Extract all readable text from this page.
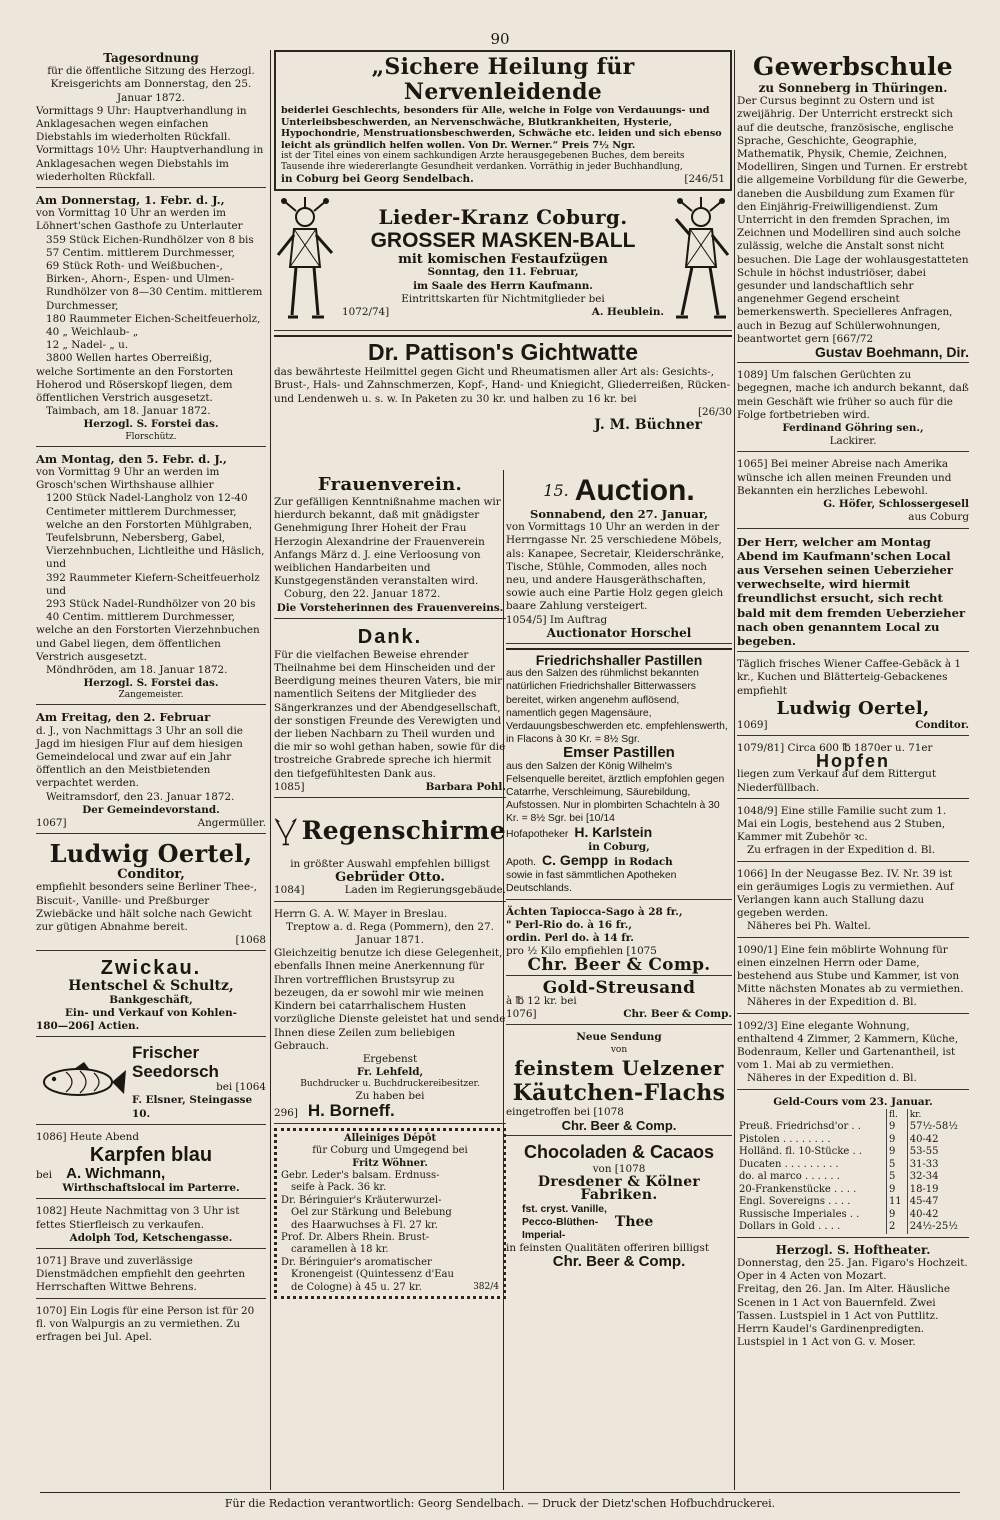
90

Tagesordnung

für die öffentliche Sitzung des Herzogl. Kreisgerichts am Donnerstag, den 25. Januar 1872.

Vormittags 9 Uhr: Hauptverhandlung in Anklagesachen wegen einfachen Diebstahls im wiederholten Rückfall.

Vormittags 10½ Uhr: Hauptverhandlung in Anklagesachen wegen Diebstahls im wiederholten Rückfall.

Am Donnerstag, 1. Febr. d. J.,

von Vormittag 10 Uhr an werden im Löhnert'schen Gasthofe zu Unterlauter

359 Stück Eichen-Rundhölzer von 8 bis 57 Centim. mittlerem Durchmesser,

69 Stück Roth- und Weißbuchen-, Birken-, Ahorn-, Espen- und Ulmen-Rundhölzer von 8—30 Centim. mittlerem Durchmesser,

180 Raummeter Eichen-Scheitfeuerholz,

40 „ Weichlaub- „

12 „ Nadel- „ u.

3800 Wellen hartes Oberreißig,

welche Sortimente an den Forstorten Hoherod und Röserskopf liegen, dem öffentlichen Verstrich ausgesetzt.

Taimbach, am 18. Januar 1872.

Herzogl. S. Forstei das.

Florschütz.

Am Montag, den 5. Febr. d. J.,

von Vormittag 9 Uhr an werden im Grosch'schen Wirthshause allhier

1200 Stück Nadel-Langholz von 12-40 Centimeter mittlerem Durchmesser,

welche an den Forstorten Mühlgraben, Teufelsbrunn, Nebersberg, Gabel, Vierzehnbuchen, Lichtleithe und Häslich, und

392 Raummeter Kiefern-Scheitfeuerholz und

293 Stück Nadel-Rundhölzer von 20 bis 40 Centim. mittlerem Durchmesser,

welche an den Forstorten Vierzehnbuchen und Gabel liegen, dem öffentlichen Verstrich ausgesetzt.

Möndhröden, am 18. Januar 1872.

Herzogl. S. Forstei das.

Zangemeister.

Am Freitag, den 2. Februar

d. J., von Nachmittags 3 Uhr an soll die Jagd im hiesigen Flur auf dem hiesigen Gemeindelocal und zwar auf ein Jahr öffentlich an den Meistbietenden verpachtet werden.

Weitramsdorf, den 23. Januar 1872.

Der Gemeindevorstand.

1067]	Angermüller.

Ludwig Oertel,

Conditor,

empfiehlt besonders seine Berliner Thee-, Biscuit-, Vanille- und Preßburger Zwiebäcke und hält solche nach Gewicht zur gütigen Abnahme bereit.

[1068

Zwickau.

Hentschel & Schultz,

Bankgeschäft,

Ein- und Verkauf von Kohlen-

180—206] Actien.

Frischer

Seedorsch

bei [1064

F. Elsner, Steingasse 10.

1086] Heute Abend

Karpfen blau

bei A. Wichmann,

Wirthschaftslocal im Parterre.

1082] Heute Nachmittag von 3 Uhr ist fettes Stierfleisch zu verkaufen.

Adolph Tod, Ketschengasse.

1071] Brave und zuverlässige Dienstmädchen empfiehlt den geehrten Herrschaften Wittwe Behrens.

1070] Ein Logis für eine Person ist für 20 fl. von Walpurgis an zu vermiethen. Zu erfragen bei Jul. Apel.

„Sichere Heilung für Nervenleidende

beiderlei Geschlechts, besonders für Alle, welche in Folge von Verdauungs- und Unterleibsbeschwerden, an Nervenschwäche, Blutkrankheiten, Hysterie, Hypochondrie, Menstruationsbeschwerden, Schwäche etc. leiden und sich ebenso leicht als gründlich helfen wollen. Von Dr. Werner.“ Preis 7½ Ngr.

ist der Titel eines von einem sachkundigen Arzte herausgegebenen Buches, dem bereits Tausende ihre wiedererlangte Gesundheit verdanken. Vorräthig in jeder Buchhandlung,

in Coburg bei Georg Sendelbach.	[246/51

Lieder-Kranz Coburg.

GROSSER MASKEN-BALL

mit komischen Festaufzügen

Sonntag, den 11. Februar,

im Saale des Herrn Kaufmann.

Eintrittskarten für Nichtmitglieder bei

1072/74]	A. Heublein.

Dr. Pattison's Gichtwatte

das bewährteste Heilmittel gegen Gicht und Rheumatismen aller Art als: Gesichts-, Brust-, Hals- und Zahnschmerzen, Kopf-, Hand- und Kniegicht, Gliederreißen, Rücken- und Lendenweh u. s. w. In Paketen zu 30 kr. und halben zu 16 kr. bei

[26/30

J. M. Büchner

Frauenverein.

Zur gefälligen Kenntnißnahme machen wir hierdurch bekannt, daß mit gnädigster Genehmigung Ihrer Hoheit der Frau Herzogin Alexandrine der Frauenverein Anfangs März d. J. eine Verloosung von weiblichen Handarbeiten und Kunstgegenständen veranstalten wird.

Coburg, den 22. Januar 1872.

Die Vorsteherinnen des Frauenvereins.

Dank.

Für die vielfachen Beweise ehrender Theilnahme bei dem Hinscheiden und der Beerdigung meines theuren Vaters, bie mir namentlich Seitens der Mitglieder des Sängerkranzes und der Abendgesellschaft, der sonstigen Freunde des Verewigten und der lieben Nachbarn zu Theil wurden und die mir so wohl gethan haben, sowie für die trostreiche Grabrede spreche ich hiermit den tiefgefühltesten Dank aus.

1085]	Barbara Pohl.

Regenschirme

in größter Auswahl empfehlen billigst

Gebrüder Otto.

1084]	Laden im Regierungsgebäude.

Herrn G. A. W. Mayer in Breslau.

Treptow a. d. Rega (Pommern), den 27. Januar 1871.

Gleichzeitig benutze ich diese Gelegenheit, ebenfalls Ihnen meine Anerkennung für Ihren vortrefflichen Brustsyrup zu bezeugen, da er sowohl mir wie meinen Kindern bei catarrhalischem Husten vorzügliche Dienste geleistet hat und sende Ihnen diese Zeilen zum beliebigen Gebrauch.

Ergebenst

Fr. Lehfeld,

Buchdrucker u. Buchdruckereibesitzer.

Zu haben bei

296] H. Borneff.

Alleiniges Dépôt

für Coburg und Umgegend bei

Fritz Wöhner.

Gebr. Leder's balsam. Erdnuss-

seife à Pack. 36 kr.

Dr. Béringuier's Kräuterwurzel-

Oel zur Stärkung und Belebung

des Haarwuchses à Fl. 27 kr.

Prof. Dr. Albers Rhein. Brust-

caramellen à 18 kr.

Dr. Béringuier's aromatischer

Kronengeist (Quintessenz d'Eau

de Cologne) à 45 u. 27 kr.	382/4
15. Auction.

Sonnabend, den 27. Januar,

von Vormittags 10 Uhr an werden in der Herrngasse Nr. 25 verschiedene Möbels, als: Kanapee, Secretair, Kleiderschränke, Tische, Stühle, Commoden, alles noch neu, und andere Hausgeräthschaften, sowie auch eine Partie Holz gegen gleich baare Zahlung versteigert.

1054/5] Im Auftrag

Auctionator Horschel

Friedrichshaller Pastillen

aus den Salzen des rühmlichst bekannten natürlichen Friedrichshaller Bitterwassers bereitet, wirken angenehm auflösend, namentlich gegen Magensäure, Verdauungsbeschwerden etc. empfehlenswerth, in Flacons à 30 Kr. = 8½ Sgr.

Emser Pastillen

aus den Salzen der König Wilhelm's Felsenquelle bereitet, ärztlich empfohlen gegen Catarrhe, Verschleimung, Säurebildung, Aufstossen. Nur in plombirten Schachteln à 30 Kr. = 8½ Sgr. bei [10/14

Hofapotheker H. Karlstein

in Coburg,

Apoth. C. Gempp in Rodach

sowie in fast sämmtlichen Apotheken Deutschlands.

Ächten Tapiocca-Sago à 28 fr.,

" Perl-Rio do. à 16 fr.,

ordin. Perl do. à 14 fr.

pro ½ Kilo empfiehlen [1075

Chr. Beer & Comp.

Gold-Streusand

à ℔ 12 kr. bei

1076]	Chr. Beer & Comp.

Neue Sendung

von

feinstem Uelzener

Käutchen-Flachs

eingetroffen bei [1078

Chr. Beer & Comp.

Chocoladen & Cacaos

von [1078

Dresdener & Kölner Fabriken.

fst. cryst. Vanille,

Pecco-Blüthen-

Imperial-

Thee

in feinsten Qualitäten offeriren billigst

Chr. Beer & Comp.

Gewerbschule

zu Sonneberg in Thüringen.

Der Cursus beginnt zu Ostern und ist zweijährig. Der Unterricht erstreckt sich auf die deutsche, französische, englische Sprache, Geschichte, Geographie, Mathematik, Physik, Chemie, Zeichnen, Modelliren, Singen und Turnen. Er erstrebt die allgemeine Vorbildung für die Gewerbe, daneben die Ausbildung zum Examen für den Einjährig-Freiwilligendienst. Zum Unterricht in den fremden Sprachen, im Zeichnen und Modelliren sind auch solche zulässig, welche die Anstalt sonst nicht besuchen. Die Lage der wohlausgestatteten Schule in höchst industriöser, dabei gesunder und landschaftlich sehr angenehmer Gegend erscheint bemerkenswerth. Specielleres Anfragen, auch in Bezug auf Schülerwohnungen, beantwortet gern [667/72

Gustav Boehmann, Dir.

1089] Um falschen Gerüchten zu begegnen, mache ich andurch bekannt, daß mein Geschäft wie früher so auch für die Folge fortbetrieben wird.

Ferdinand Göhring sen.,

Lackirer.

1065] Bei meiner Abreise nach Amerika wünsche ich allen meinen Freunden und Bekannten ein herzliches Lebewohl.

G. Höfer, Schlossergesell

aus Coburg

Der Herr, welcher am Montag Abend im Kaufmann'schen Local aus Versehen seinen Ueberzieher verwechselte, wird hiermit freundlichst ersucht, sich recht bald mit dem fremden Ueberzieher nach oben genanntem Local zu begeben.

Täglich frisches Wiener Caffee-Gebäck à 1 kr., Kuchen und Blätterteig-Gebackenes empfiehlt

Ludwig Oertel,

1069]	Conditor.

1079/81] Circa 600 ℔ 1870er u. 71er

Hopfen

liegen zum Verkauf auf dem Rittergut Niederfüllbach.

1048/9] Eine stille Familie sucht zum 1. Mai ein Logis, bestehend aus 2 Stuben, Kammer mit Zubehör ꝛc.

Zu erfragen in der Expedition d. Bl.

1066] In der Neugasse Bez. IV. Nr. 39 ist ein geräumiges Logis zu vermiethen. Auf Verlangen kann auch Stallung dazu gegeben werden.

Näheres bei Ph. Waltel.

1090/1] Eine fein möblirte Wohnung für einen einzelnen Herrn oder Dame, bestehend aus Stube und Kammer, ist von Mitte nächsten Monates ab zu vermiethen.

Näheres in der Expedition d. Bl.

1092/3] Eine elegante Wohnung, enthaltend 4 Zimmer, 2 Kammern, Küche, Bodenraum, Keller und Gartenantheil, ist vom 1. Mai ab zu vermiethen.

Näheres in der Expedition d. Bl.

Geld-Cours vom 23. Januar.

	fl.	kr.
Preuß. Friedrichsd'or . .	9	57½-58½
Pistolen . . . . . . . .	9	40-42
Holländ. fl. 10-Stücke . .	9	53-55
Ducaten . . . . . . . . .	5	31-33
do. al marco . . . . . .	5	32-34
20-Frankenstücke . . . .	9	18-19
Engl. Sovereigns . . . .	11	45-47
Russische Imperiales . .	9	40-42
Dollars in Gold . . . .	2	24½-25½

Herzogl. S. Hoftheater.

Donnerstag, den 25. Jan. Figaro's Hochzeit. Oper in 4 Acten von Mozart.

Freitag, den 26. Jan. Im Alter. Häusliche Scenen in 1 Act von Bauernfeld. Zwei Tassen. Lustspiel in 1 Act von Puttlitz. Herrn Kaudel's Gardinenpredigten. Lustspiel in 1 Act von G. v. Moser.

Für die Redaction verantwortlich: Georg Sendelbach. — Druck der Dietz'schen Hofbuchdruckerei.
